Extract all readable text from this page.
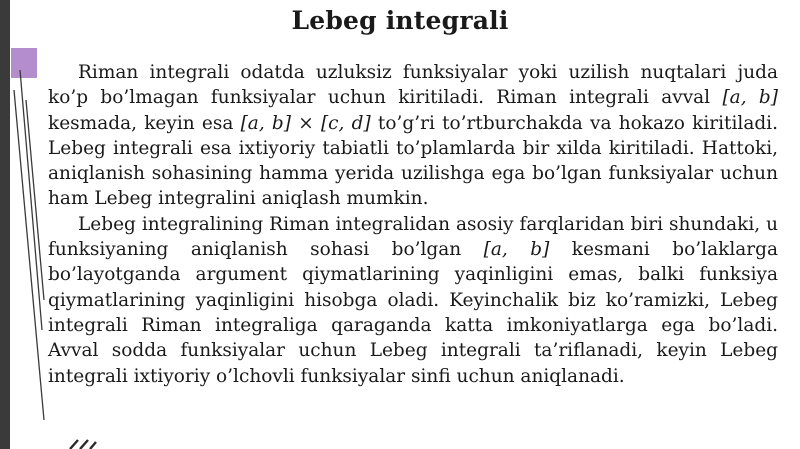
Lebeg integrali

Riman integrali odatda uzluksiz funksiyalar yoki uzilish nuqtalari juda ko’p bo’lmagan funksiyalar uchun kiritiladi. Riman integrali avval [a, b] kesmada, keyin esa [a, b] × [c, d] to’g’ri to’rtburchakda va hokazo kiritiladi. Lebeg integrali esa ixtiyoriy tabiatli to’plamlarda bir xilda kiritiladi. Hattoki, aniqlanish sohasining hamma yerida uzilishga ega bo’lgan funksiyalar uchun ham Lebeg integralini aniqlash mumkin.

Lebeg integralining Riman integralidan asosiy farqlaridan biri shundaki, u funksiyaning aniqlanish sohasi bo’lgan [a, b] kesmani bo’laklarga bo’layotganda argument qiymatlarining yaqinligini emas, balki funksiya qiymatlarining yaqinligini hisobga oladi. Keyinchalik biz ko’ramizki, Lebeg integrali Riman integraliga qaraganda katta imkoniyatlarga ega bo’ladi. Avval sodda funksiyalar uchun Lebeg integrali ta’riflanadi, keyin Lebeg integrali ixtiyoriy o’lchovli funksiyalar sinfi uchun aniqlanadi.
